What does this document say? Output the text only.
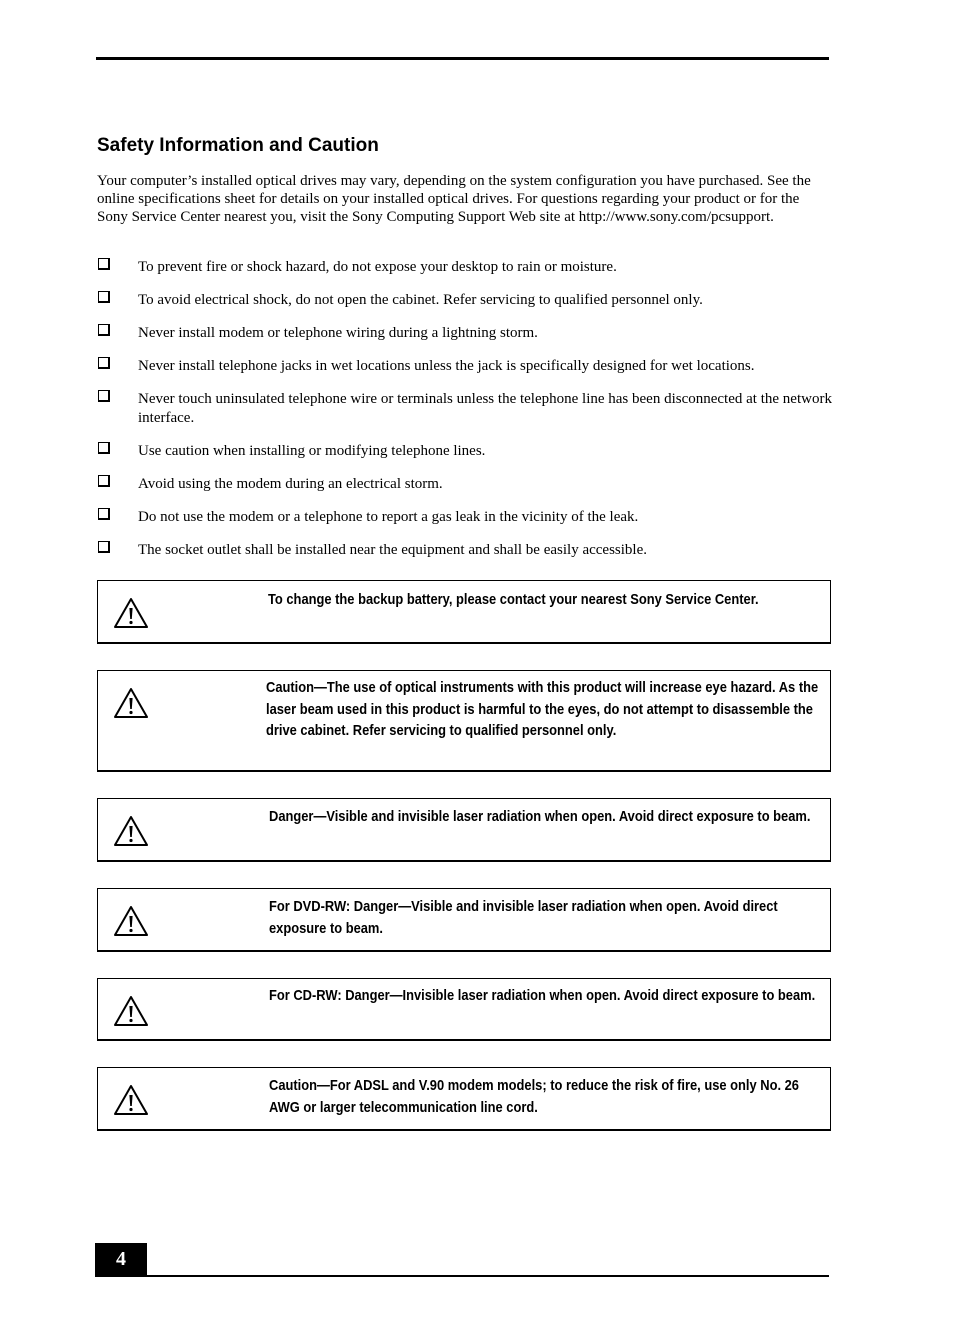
Safety Information and Caution

Your computer’s installed optical drives may vary, depending on the system configuration you have purchased. See the online specifications sheet for details on your installed optical drives. For questions regarding your product or for the Sony Service Center nearest you, visit the Sony Computing Support Web site at http://www.sony.com/pcsupport.

To prevent fire or shock hazard, do not expose your desktop to rain or moisture.
To avoid electrical shock, do not open the cabinet. Refer servicing to qualified personnel only.
Never install modem or telephone wiring during a lightning storm.
Never install telephone jacks in wet locations unless the jack is specifically designed for wet locations.
Never touch uninsulated telephone wire or terminals unless the telephone line has been disconnected at the network interface.
Use caution when installing or modifying telephone lines.
Avoid using the modem during an electrical storm.
Do not use the modem or a telephone to report a gas leak in the vicinity of the leak.
The socket outlet shall be installed near the equipment and shall be easily accessible.

To change the backup battery, please contact your nearest Sony Service Center.

Caution—The use of optical instruments with this product will increase eye hazard. As the laser beam used in this product is harmful to the eyes, do not attempt to disassemble the drive cabinet. Refer servicing to qualified personnel only.

Danger—Visible and invisible laser radiation when open. Avoid direct exposure to beam.

For DVD-RW: Danger—Visible and invisible laser radiation when open. Avoid direct exposure to beam.

For CD-RW: Danger—Invisible laser radiation when open. Avoid direct exposure to beam.

Caution—For ADSL and V.90 modem models; to reduce the risk of fire, use only No. 26 AWG or larger telecommunication line cord.

4
